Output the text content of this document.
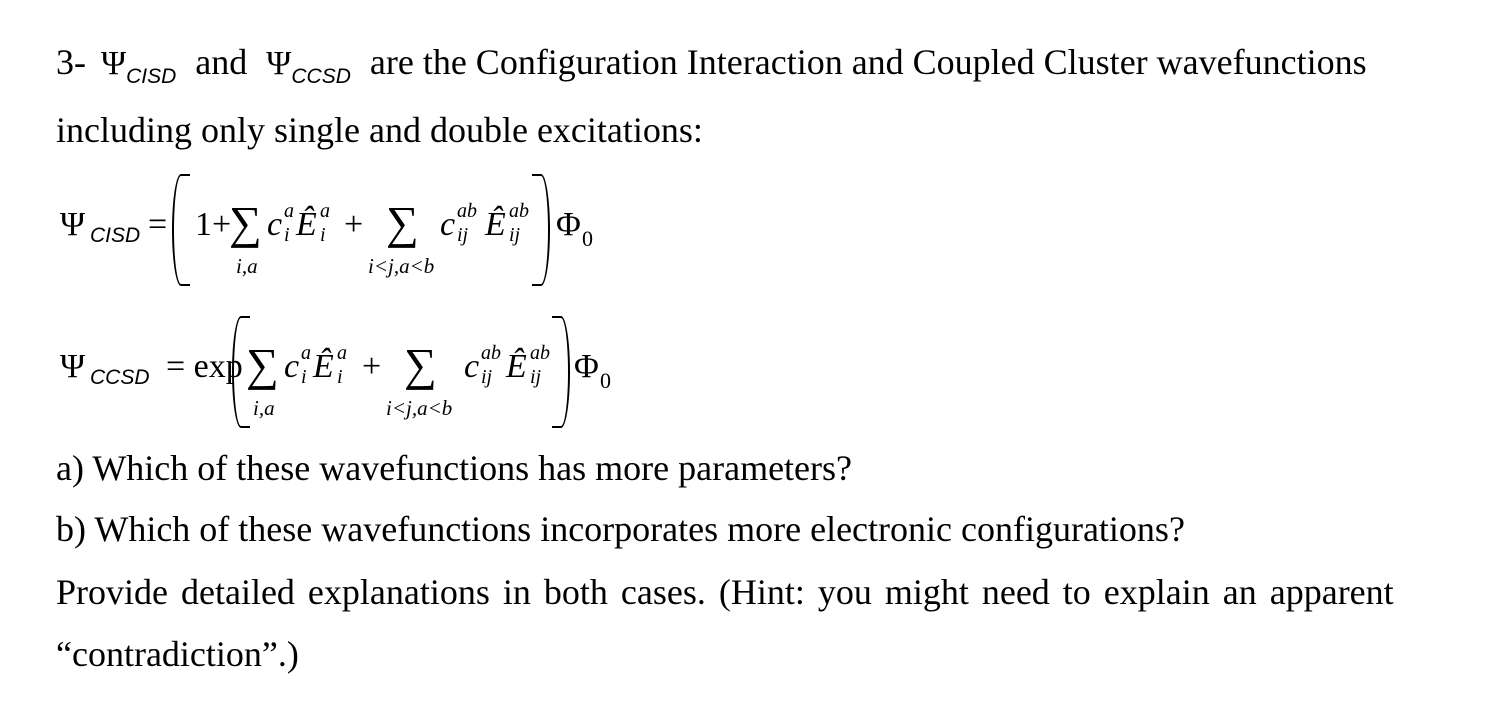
3- $\Psi_{CISD}$ and $\Psi_{CCSD}$ are the Configuration Interaction and Coupled Cluster wavefunctions
including only single and double excitations:
Ψ CISD = 1+
∑
i,a
c a
i Ê a
i + ∑
i<j,a<b
c ab
ij Ê ab
ij Φ 0
Ψ CCSD = exp ∑
i,a
c a
i Ê a
i + ∑
i<j,a<b
c ab
ij Ê ab
ij Φ 0
a) Which of these wavefunctions has more parameters?
b) Which of these wavefunctions incorporates more electronic configurations?
Provide detailed explanations in both cases. (Hint: you might need to explain an apparent
“contradiction”.)
